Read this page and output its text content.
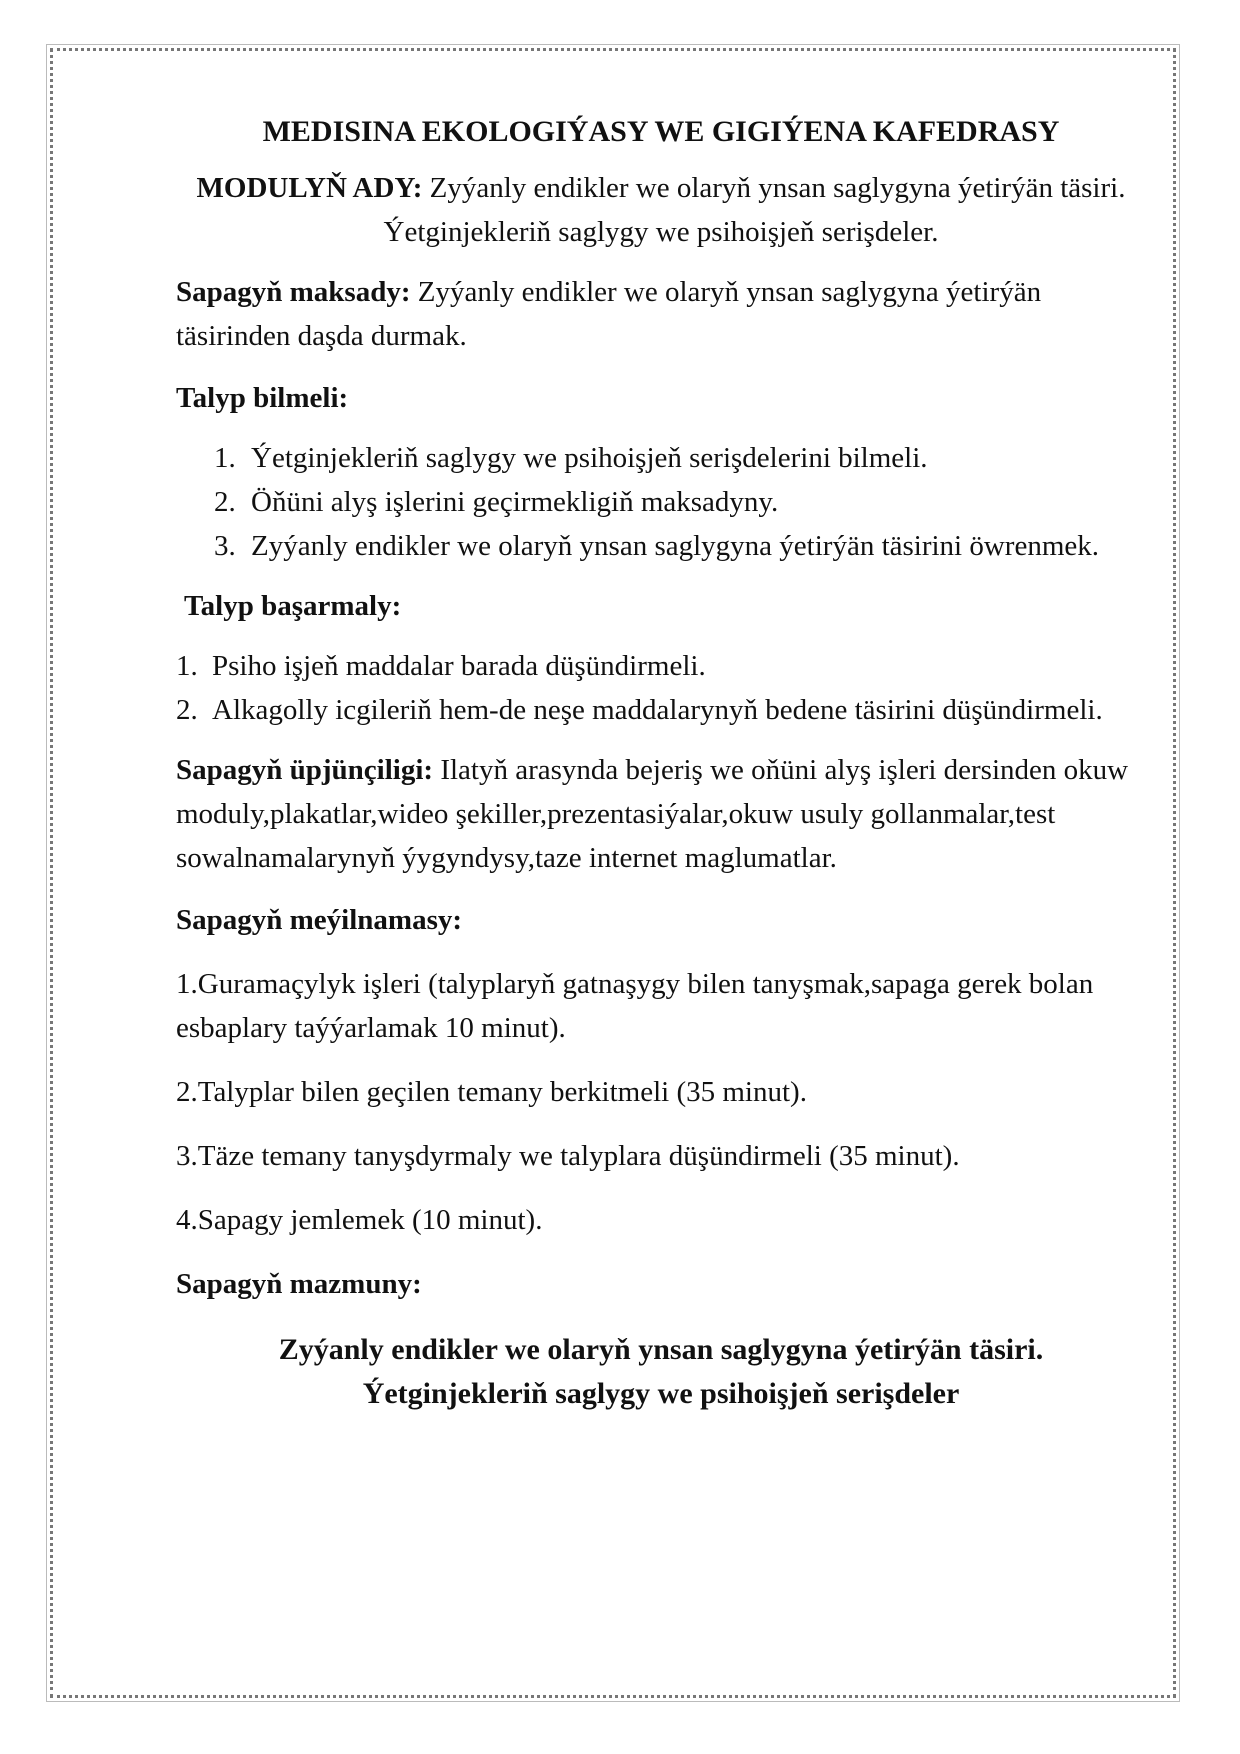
MEDISINA EKOLOGIÝASY WE GIGIÝENA KAFEDRASY
MODULYŇ ADY: Zyýanly endikler we olaryň ynsan saglygyna ýetirýän täsiri. Ýetginjekleriň saglygy we psihoişjeň serişdeler.

Sapagyň maksady: Zyýanly endikler we olaryň ynsan saglygyna ýetirýän täsirinden daşda durmak.

Talyp bilmeli:
1. Ýetginjekleriň saglygy we psihoişjeň serişdelerini bilmeli.
2. Öňüni alyş işlerini geçirmekligiň maksadyny.
3. Zyýanly endikler we olaryň ynsan saglygyna ýetirýän täsirini öwrenmek.
Talyp başarmaly:
1. Psiho işjeň maddalar barada düşündirmeli.
2. Alkagolly icgileriň hem-de neşe maddalarynyň bedene täsirini düşündirmeli.

Sapagyň üpjünçiligi: Ilatyň arasynda bejeriş we oňüni alyş işleri dersinden okuw moduly,plakatlar,wideo şekiller,prezentasiýalar,okuw usuly gollanmalar,test sowalnamalarynyň ýygyndysy,taze internet maglumatlar.

Sapagyň meýilnamasy:
1.Guramaçylyk işleri (talyplaryň gatnaşygy bilen tanyşmak,sapaga gerek bolan esbaplary taýýarlamak 10 minut).
2.Talyplar bilen geçilen temany berkitmeli (35 minut).
3.Täze temany tanyşdyrmaly we talyplara düşündirmeli (35 minut).
4.Sapagy jemlemek (10 minut).
Sapagyň mazmuny:
Zyýanly endikler we olaryň ynsan saglygyna ýetirýän täsiri.
Ýetginjekleriň saglygy we psihoişjeň serişdeler
